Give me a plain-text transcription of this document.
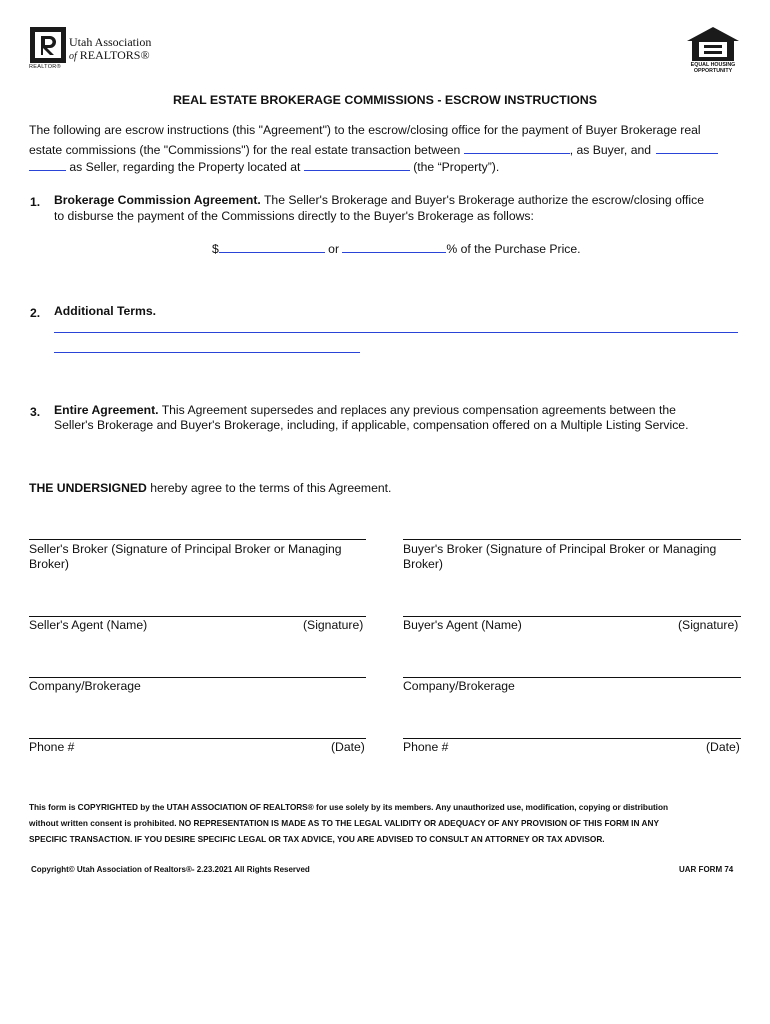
REALTOR®
Utah Association
of REALTORS®
EQUAL HOUSING
OPPORTUNITY
REAL ESTATE BROKERAGE COMMISSIONS - ESCROW INSTRUCTIONS
The following are escrow instructions (this "Agreement") to the escrow/closing office for the payment of Buyer Brokerage real
estate commissions (the "Commissions") for the real estate transaction between	, as Buyer, and
as Seller, regarding the Property located at	(the “Property”).
1. Brokerage Commission Agreement. The Seller's Brokerage and Buyer's Brokerage authorize the escrow/closing office
to disburse the payment of the Commissions directly to the Buyer's Brokerage as follows:
$	or	% of the Purchase Price.
2. Additional Terms.
3. Entire Agreement. This Agreement supersedes and replaces any previous compensation agreements between the
Seller's Brokerage and Buyer's Brokerage, including, if applicable, compensation offered on a Multiple Listing Service.
THE UNDERSIGNED hereby agree to the terms of this Agreement.
Seller's Broker (Signature of Principal Broker or Managing
Broker)
Buyer's Broker (Signature of Principal Broker or Managing
Broker)
Seller's Agent (Name)	(Signature)	Buyer's Agent (Name)	(Signature)
Company/Brokerage	Company/Brokerage
Phone #	(Date)	Phone #	(Date)
This form is COPYRIGHTED by the UTAH ASSOCIATION OF REALTORS® for use solely by its members. Any unauthorized use, modification, copying or distribution
without written consent is prohibited. NO REPRESENTATION IS MADE AS TO THE LEGAL VALIDITY OR ADEQUACY OF ANY PROVISION OF THIS FORM IN ANY
SPECIFIC TRANSACTION. IF YOU DESIRE SPECIFIC LEGAL OR TAX ADVICE, YOU ARE ADVISED TO CONSULT AN ATTORNEY OR TAX ADVISOR.
Copyright© Utah Association of Realtors®- 2.23.2021 All Rights Reserved	UAR FORM 74
